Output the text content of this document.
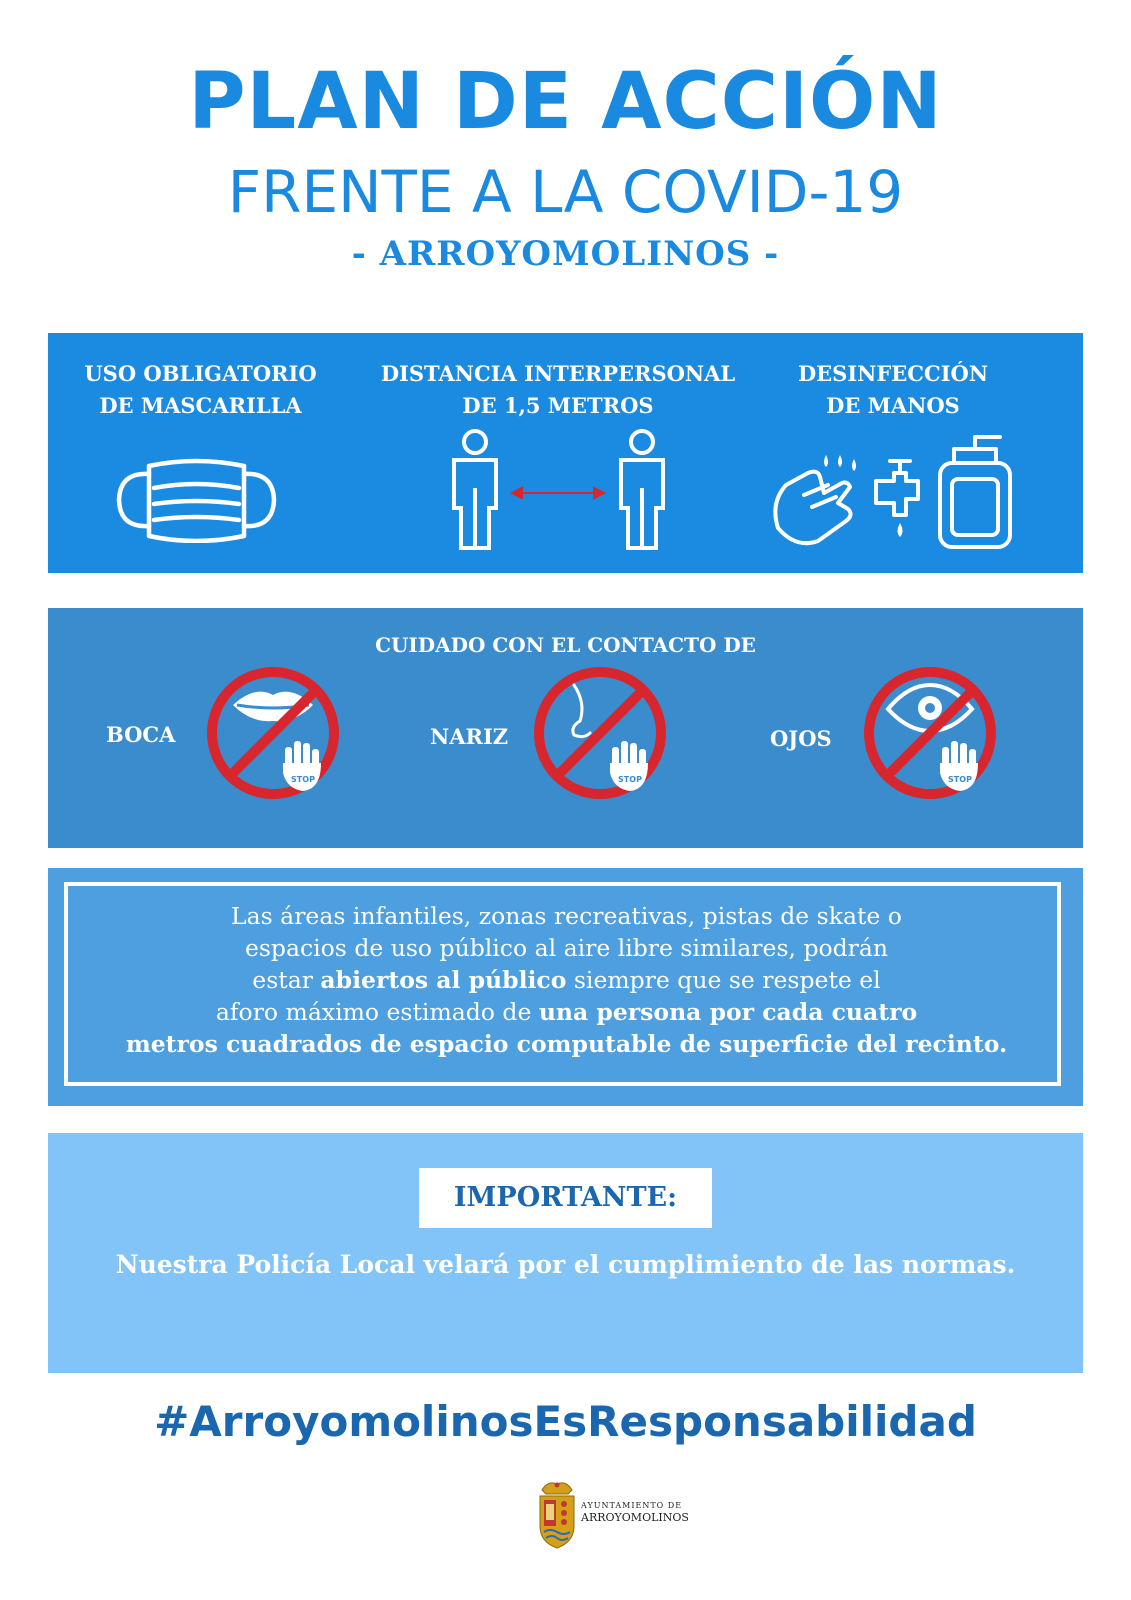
PLAN DE ACCIÓN
FRENTE A LA COVID-19
- ARROYOMOLINOS -
USO OBLIGATORIO
DE MASCARILLA
DISTANCIA INTERPERSONAL
DE 1,5 METROS
DESINFECCIÓN
DE MANOS
CUIDADO CON EL CONTACTO DE
BOCA	NARIZ	OJOS
STOP	STOP	STOP
Las áreas infantiles, zonas recreativas, pistas de skate o
espacios de uso público al aire libre similares, podrán
estar abiertos al público siempre que se respete el
aforo máximo estimado de una persona por cada cuatro
metros cuadrados de espacio computable de superficie del recinto.
IMPORTANTE:
Nuestra Policía Local velará por el cumplimiento de las normas.
#ArroyomolinosEsResponsabilidad
AYUNTAMIENTO DE
ARROYOMOLINOS
